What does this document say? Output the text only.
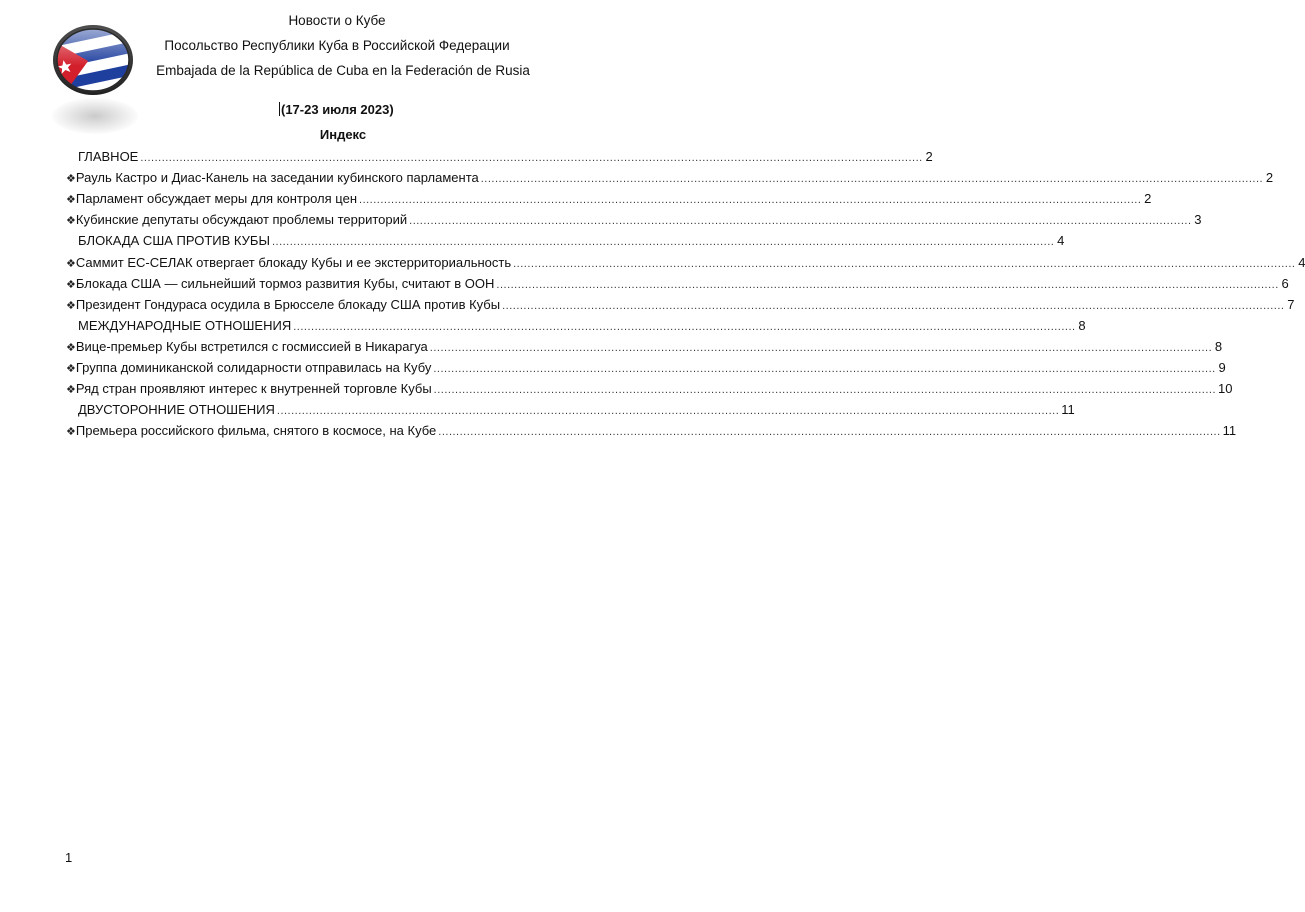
Новости о Кубе
Посольство Республики Куба в Российской Федерации
Embajada de la República de Cuba en la Federación de Rusia
(17-23 июля 2023)
Индекс
ГЛАВНОЕ ............................................................................................................................................................................................................................ 2
❖ Рауль Кастро и Диас-Канель на заседании кубинского парламента ............................................................................................................................................................................................................................ 2
❖ Парламент обсуждает меры для контроля цен ............................................................................................................................................................................................................................ 2
❖ Кубинские депутаты обсуждают проблемы территорий ............................................................................................................................................................................................................................ 3
БЛОКАДА США ПРОТИВ КУБЫ ............................................................................................................................................................................................................................ 4
❖ Саммит ЕС-СЕЛАК отвергает блокаду Кубы и ее экстерриториальность ............................................................................................................................................................................................................................ 4
❖ Блокада США — сильнейший тормоз развития Кубы, считают в ООН ............................................................................................................................................................................................................................ 6
❖ Президент Гондураса осудила в Брюсселе блокаду США против Кубы ............................................................................................................................................................................................................................ 7
МЕЖДУНАРОДНЫЕ ОТНОШЕНИЯ ............................................................................................................................................................................................................................ 8
❖ Вице-премьер Кубы встретился с госмиссией в Никарагуа ............................................................................................................................................................................................................................ 8
❖ Группа доминиканской солидарности отправилась на Кубу ............................................................................................................................................................................................................................ 9
❖ Ряд стран проявляют интерес к внутренней торговле Кубы ............................................................................................................................................................................................................................ 10
ДВУСТОРОННИЕ ОТНОШЕНИЯ ............................................................................................................................................................................................................................ 11
❖ Премьера российского фильма, снятого в космосе, на Кубе ............................................................................................................................................................................................................................ 11
1
